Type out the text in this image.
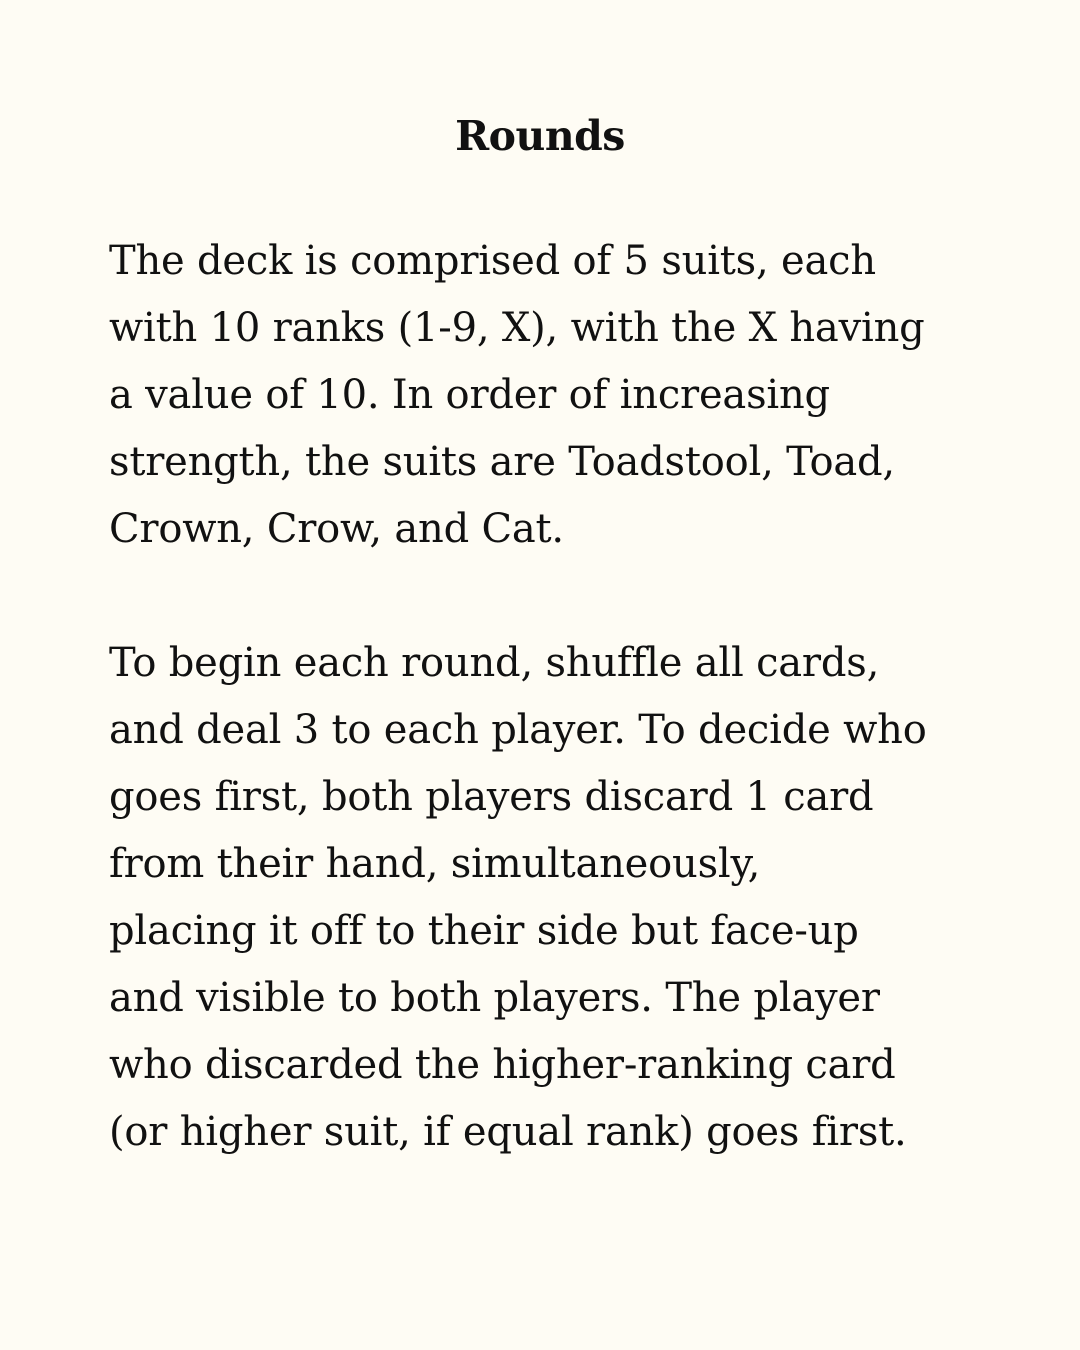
Rounds

The deck is comprised of 5 suits, each
with 10 ranks (1-9, X), with the X having
a value of 10. In order of increasing
strength, the suits are Toadstool, Toad,
Crown, Crow, and Cat.

To begin each round, shuffle all cards,
and deal 3 to each player. To decide who
goes first, both players discard 1 card
from their hand, simultaneously,
placing it off to their side but face-up
and visible to both players. The player
who discarded the higher-ranking card
(or higher suit, if equal rank) goes first.
